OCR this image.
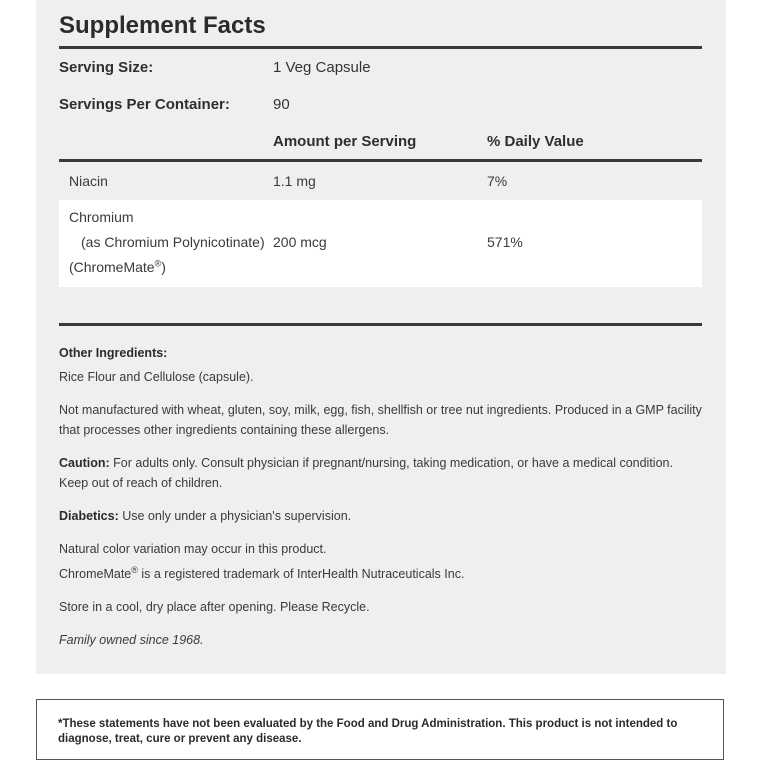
Supplement Facts
Serving Size:	1 Veg Capsule
Servings Per Container:	90
Amount per Serving	% Daily Value
Niacin	1.1 mg	7%
Chromium
(as Chromium Polynicotinate)
(ChromeMate®)
200 mcg	571%

Other Ingredients:

Rice Flour and Cellulose (capsule).

Not manufactured with wheat, gluten, soy, milk, egg, fish, shellfish or tree nut ingredients. Produced in a GMP facility that processes other ingredients containing these allergens.

Caution: For adults only. Consult physician if pregnant/nursing, taking medication, or have a medical condition. Keep out of reach of children.

Diabetics: Use only under a physician's supervision.

Natural color variation may occur in this product.

ChromeMate® is a registered trademark of InterHealth Nutraceuticals Inc.

Store in a cool, dry place after opening. Please Recycle.

Family owned since 1968.

*These statements have not been evaluated by the Food and Drug Administration. This product is not intended to diagnose, treat, cure or prevent any disease.
